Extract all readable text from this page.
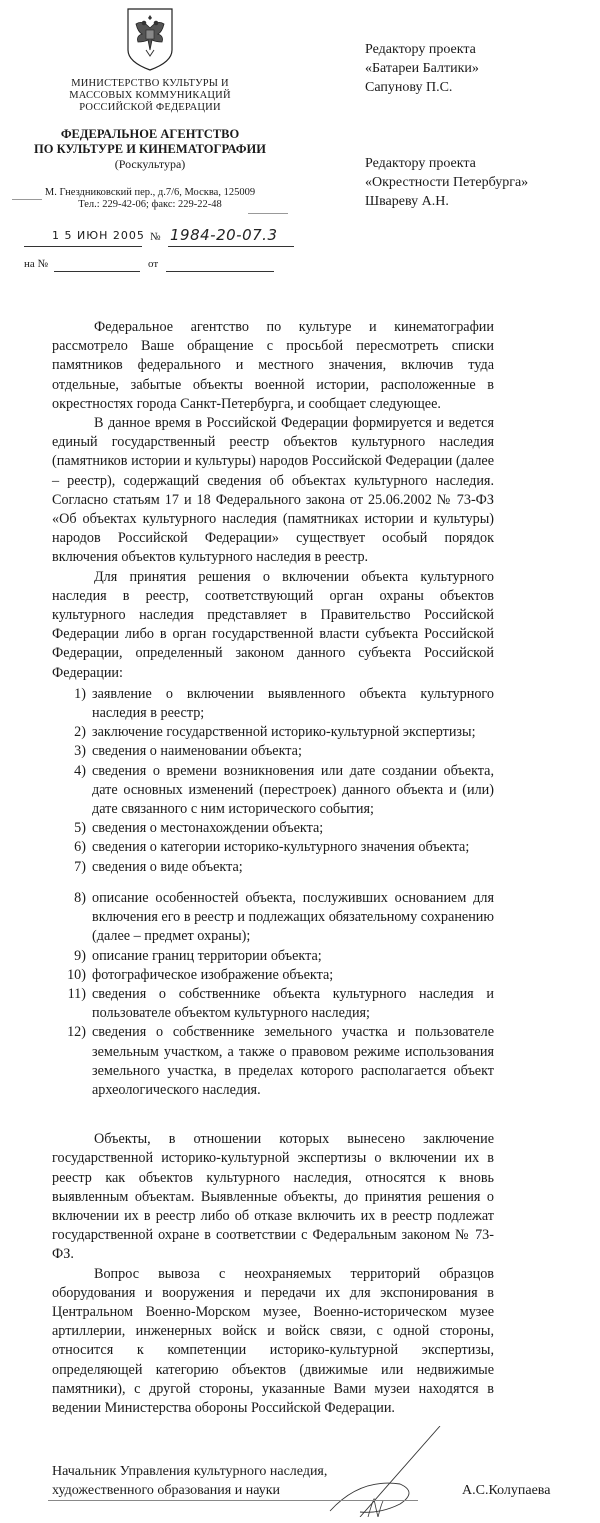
МИНИСТЕРСТВО КУЛЬТУРЫ И
МАССОВЫХ КОММУНИКАЦИЙ
РОССИЙСКОЙ ФЕДЕРАЦИИ
ФЕДЕРАЛЬНОЕ АГЕНТСТВО
ПО КУЛЬТУРЕ И КИНЕМАТОГРАФИИ
(Роскультура)
М. Гнездниковский пер., д.7/6, Москва, 125009
Тел.: 229-42-06; факс: 229-22-48
1 5 ИЮН 2005 № 1984-20-07.3
на №	от
Редактору проекта
«Батареи Балтики»
Сапунову П.С.
Редактору проекта
«Окрестности Петербурга»
Швареву А.Н.

Федеральное агентство по культуре и кинематографии рассмотрело Ваше обращение с просьбой пересмотреть списки памятников федерального и местного значения, включив туда отдельные, забытые объекты военной истории, расположенные в окрестностях города Санкт-Петербурга, и сообщает следующее.

В данное время в Российской Федерации формируется и ведется единый государственный реестр объектов культурного наследия (памятников истории и культуры) народов Российской Федерации (далее – реестр), содержащий сведения об объектах культурного наследия. Согласно статьям 17 и 18 Федерального закона от 25.06.2002 № 73-ФЗ «Об объектах культурного наследия (памятниках истории и культуры) народов Российской Федерации» существует особый порядок включения объектов культурного наследия в реестр.

Для принятия решения о включении объекта культурного наследия в реестр, соответствующий орган охраны объектов культурного наследия представляет в Правительство Российской Федерации либо в орган государственной власти субъекта Российской Федерации, определенный законом данного субъекта Российской Федерации:

1) заявление о включении выявленного объекта культурного наследия в реестр;
2) заключение государственной историко-культурной экспертизы;
3) сведения о наименовании объекта;
4) сведения о времени возникновения или дате создании объекта, дате основных изменений (перестроек) данного объекта и (или) дате связанного с ним исторического события;
5) сведения о местонахождении объекта;
6) сведения о категории историко-культурного значения объекта;
7) сведения о виде объекта;
8) описание особенностей объекта, послуживших основанием для включения его в реестр и подлежащих обязательному сохранению (далее – предмет охраны);
9) описание границ территории объекта;
10) фотографическое изображение объекта;
11) сведения о собственнике объекта культурного наследия и пользователе объектом культурного наследия;
12) сведения о собственнике земельного участка и пользователе земельным участком, а также о правовом режиме использования земельного участка, в пределах которого располагается объект археологического наследия.

Объекты, в отношении которых вынесено заключение государственной историко-культурной экспертизы о включении их в реестр как объектов культурного наследия, относятся к вновь выявленным объектам. Выявленные объекты, до принятия решения о включении их в реестр либо об отказе включить их в реестр подлежат государственной охране в соответствии с Федеральным законом № 73-ФЗ.

Вопрос вывоза с неохраняемых территорий образцов оборудования и вооружения и передачи их для экспонирования в Центральном Военно-Морском музее, Военно-историческом музее артиллерии, инженерных войск и войск связи, с одной стороны, относится к компетенции историко-культурной экспертизы, определяющей категорию объектов (движимые или недвижимые памятники), с другой стороны, указанные Вами музеи находятся в ведении Министерства обороны Российской Федерации.

Начальник Управления культурного наследия,
художественного образования и науки	А.С.Колупаева
